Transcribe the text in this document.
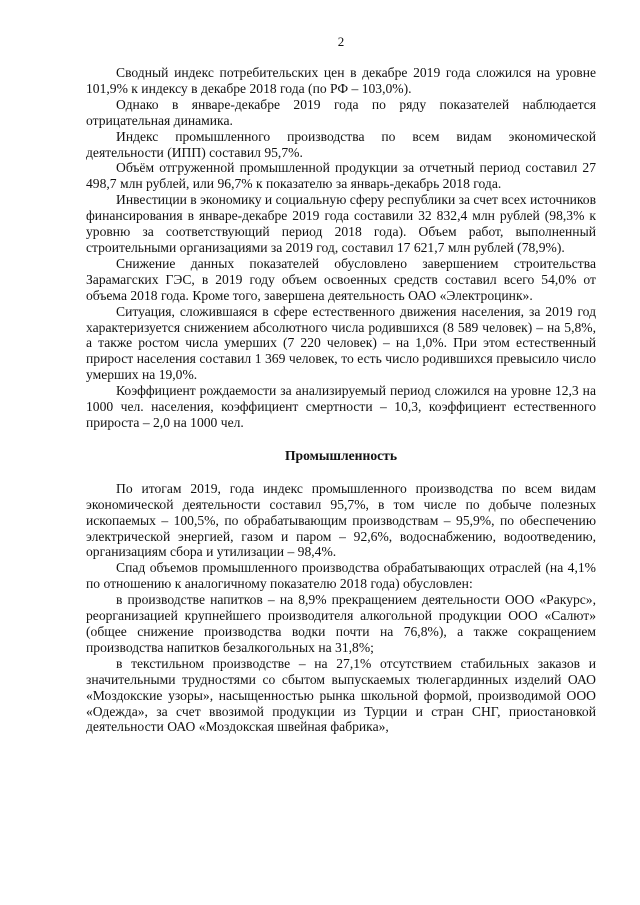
2

Сводный индекс потребительских цен в декабре 2019 года сложился на уровне 101,9% к индексу в декабре 2018 года (по РФ – 103,0%).

Однако в январе-декабре 2019 года по ряду показателей наблюдается отрицательная динамика.

Индекс промышленного производства по всем видам экономической деятельности (ИПП) составил 95,7%.

Объём отгруженной промышленной продукции за отчетный период составил 27 498,7 млн рублей, или 96,7% к показателю за январь-декабрь 2018 года.

Инвестиции в экономику и социальную сферу республики за счет всех источников финансирования в январе-декабре 2019 года составили 32 832,4 млн рублей (98,3% к уровню за соответствующий период 2018 года). Объем работ, выполненный строительными организациями за 2019 год, составил 17 621,7 млн рублей (78,9%).

Снижение данных показателей обусловлено завершением строительства Зарамагских ГЭС, в 2019 году объем освоенных средств составил всего 54,0% от объема 2018 года. Кроме того, завершена деятельность ОАО «Электроцинк».

Ситуация, сложившаяся в сфере естественного движения населения, за 2019 год характеризуется снижением абсолютного числа родившихся (8 589 человек) – на 5,8%, а также ростом числа умерших (7 220 человек) – на 1,0%. При этом естественный прирост населения составил 1 369 человек, то есть число родившихся превысило число умерших на 19,0%.

Коэффициент рождаемости за анализируемый период сложился на уровне 12,3 на 1000 чел. населения, коэффициент смертности – 10,3, коэффициент естественного прироста – 2,0 на 1000 чел.

Промышленность

По итогам 2019, года индекс промышленного производства по всем видам экономической деятельности составил 95,7%, в том числе по добыче полезных ископаемых – 100,5%, по обрабатывающим производствам – 95,9%, по обеспечению электрической энергией, газом и паром – 92,6%, водоснабжению, водоотведению, организациям сбора и утилизации – 98,4%.

Спад объемов промышленного производства обрабатывающих отраслей (на 4,1% по отношению к аналогичному показателю 2018 года) обусловлен:

в производстве напитков – на 8,9% прекращением деятельности ООО «Ракурс», реорганизацией крупнейшего производителя алкогольной продукции ООО «Салют» (общее снижение производства водки почти на 76,8%), а также сокращением производства напитков безалкогольных на 31,8%;

в текстильном производстве – на 27,1% отсутствием стабильных заказов и значительными трудностями со сбытом выпускаемых тюлегардинных изделий ОАО «Моздокские узоры», насыщенностью рынка школьной формой, производимой ООО «Одежда», за счет ввозимой продукции из Турции и стран СНГ, приостановкой деятельности ОАО «Моздокская швейная фабрика»,
